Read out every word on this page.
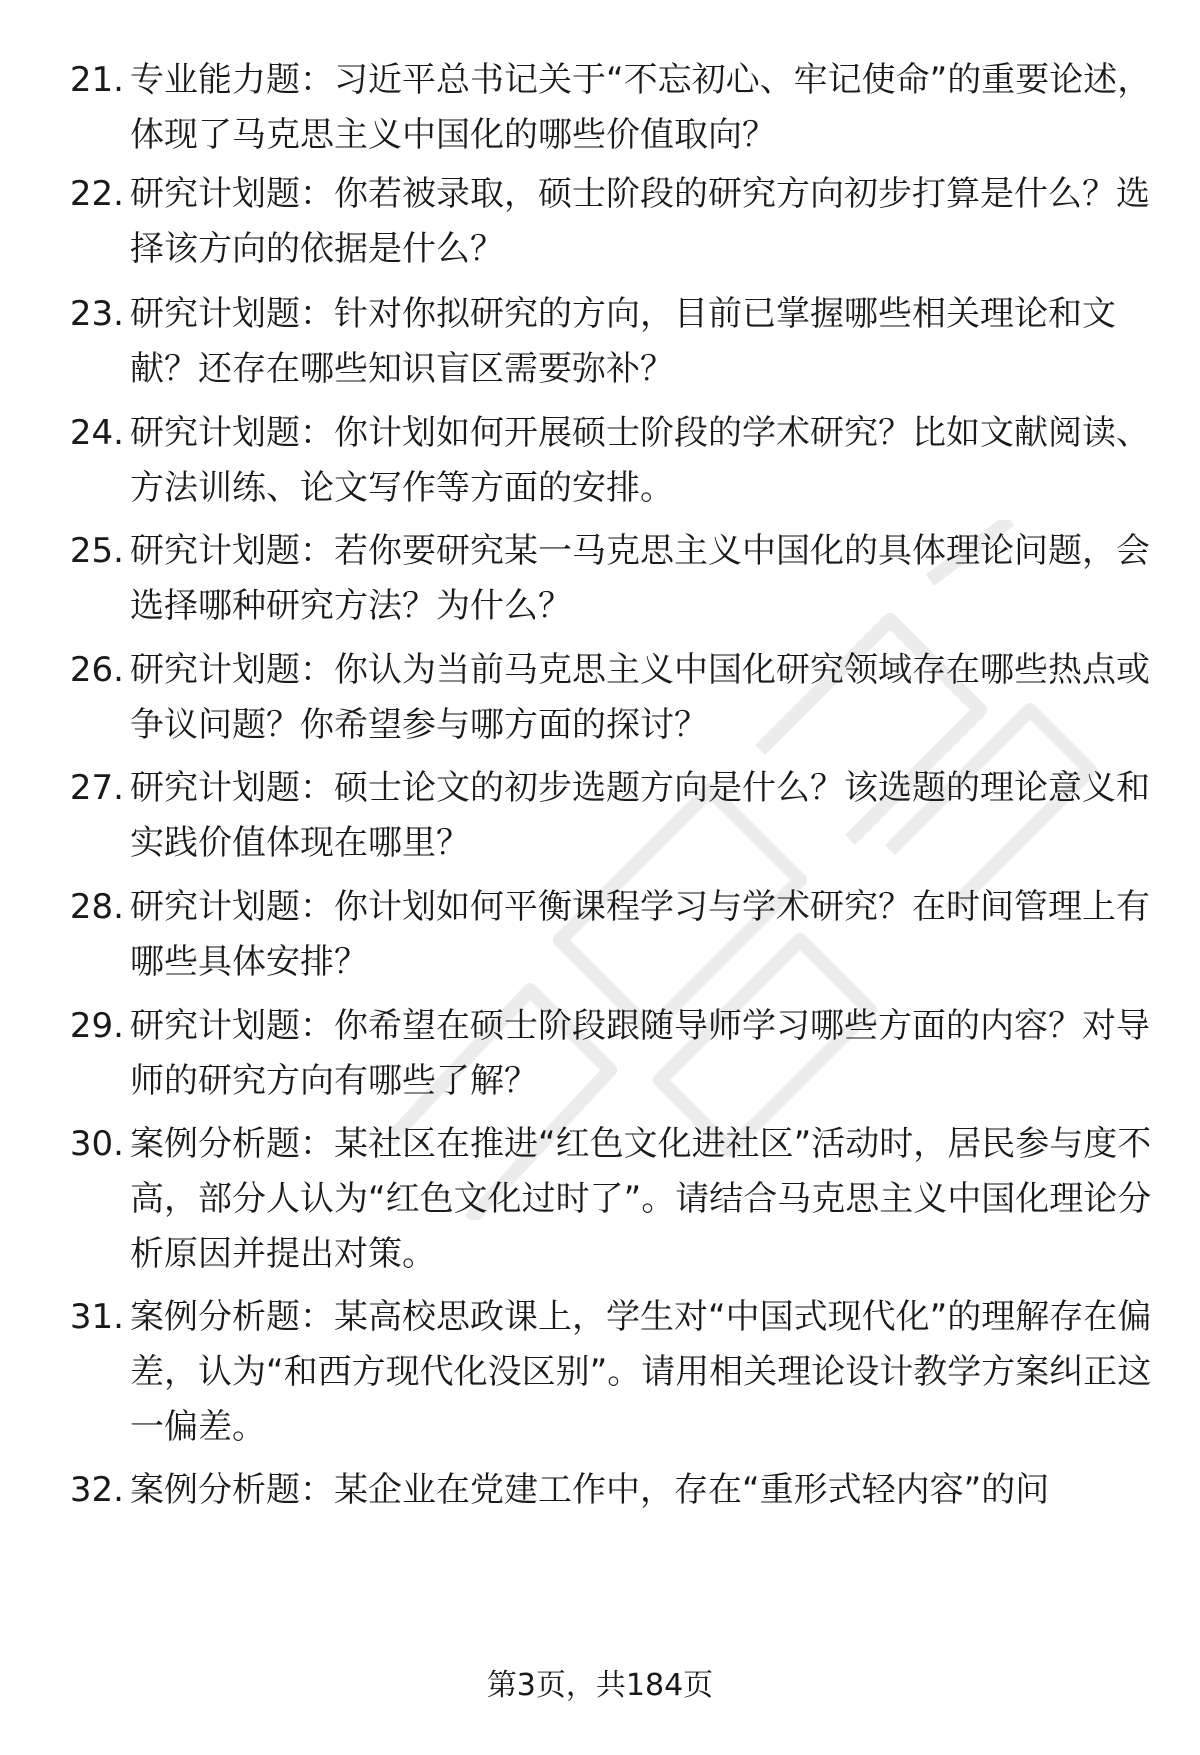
21. 专业能力题：习近平总书记关于“不忘初心、牢记使命”的重要论述，体现了马克思主义中国化的哪些价值取向？
22. 研究计划题：你若被录取，硕士阶段的研究方向初步打算是什么？选择该方向的依据是什么？
23. 研究计划题：针对你拟研究的方向，目前已掌握哪些相关理论和文献？还存在哪些知识盲区需要弥补？
24. 研究计划题：你计划如何开展硕士阶段的学术研究？比如文献阅读、方法训练、论文写作等方面的安排。
25. 研究计划题：若你要研究某一马克思主义中国化的具体理论问题，会选择哪种研究方法？为什么？
26. 研究计划题：你认为当前马克思主义中国化研究领域存在哪些热点或争议问题？你希望参与哪方面的探讨？
27. 研究计划题：硕士论文的初步选题方向是什么？该选题的理论意义和实践价值体现在哪里？
28. 研究计划题：你计划如何平衡课程学习与学术研究？在时间管理上有哪些具体安排？
29. 研究计划题：你希望在硕士阶段跟随导师学习哪些方面的内容？对导师的研究方向有哪些了解？
30. 案例分析题：某社区在推进“红色文化进社区”活动时，居民参与度不高，部分人认为“红色文化过时了”。请结合马克思主义中国化理论分析原因并提出对策。
31. 案例分析题：某高校思政课上，学生对“中国式现代化”的理解存在偏差，认为“和西方现代化没区别”。请用相关理论设计教学方案纠正这一偏差。
32. 案例分析题：某企业在党建工作中，存在“重形式轻内容”的问
第3页，共184页
